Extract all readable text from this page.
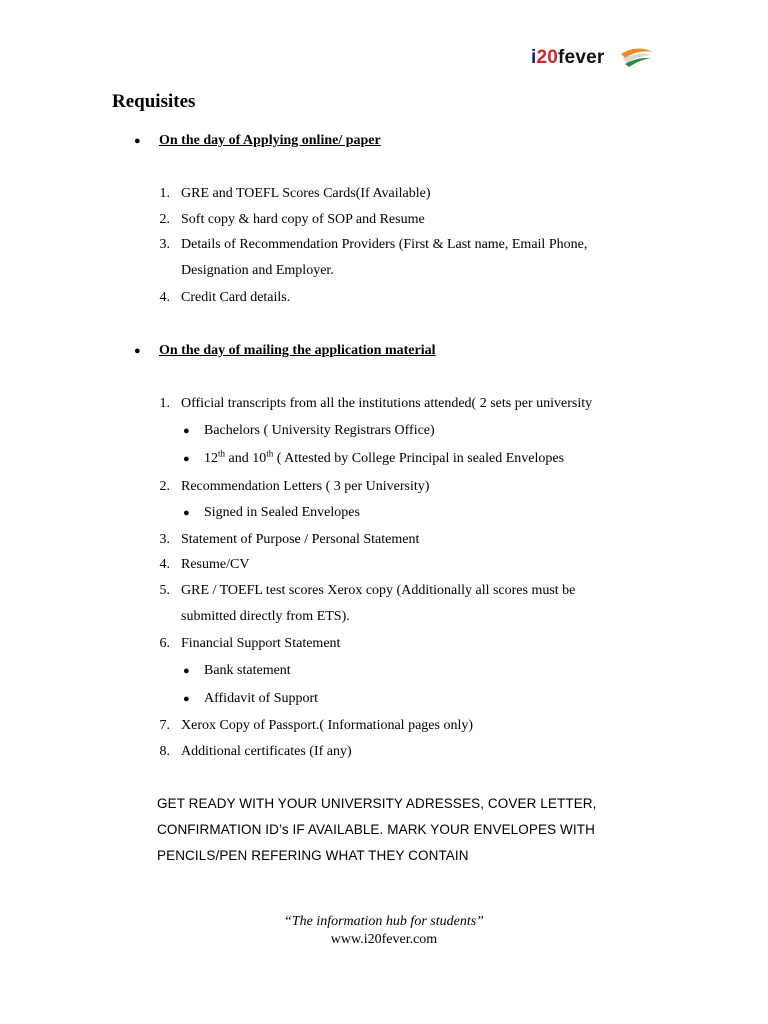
i20fever
Requisites
● On the day of Applying online/ paper
1. GRE and TOEFL Scores Cards(If Available)
2. Soft copy & hard copy of SOP and Resume
3. Details of Recommendation Providers (First & Last name, Email Phone,
Designation and Employer.
4. Credit Card details.
● On the day of mailing the application material
1. Official transcripts from all the institutions attended( 2 sets per university
● Bachelors ( University Registrars Office)
● 12th and 10th ( Attested by College Principal in sealed Envelopes
2. Recommendation Letters ( 3 per University)
● Signed in Sealed Envelopes
3. Statement of Purpose / Personal Statement
4. Resume/CV
5. GRE / TOEFL test scores Xerox copy (Additionally all scores must be
submitted directly from ETS).
6. Financial Support Statement
● Bank statement
● Affidavit of Support
7. Xerox Copy of Passport.( Informational pages only)
8. Additional certificates (If any)
GET READY WITH YOUR UNIVERSITY ADRESSES, COVER LETTER,
CONFIRMATION ID’s IF AVAILABLE. MARK YOUR ENVELOPES WITH
PENCILS/PEN REFERING WHAT THEY CONTAIN
“The information hub for students”
www.i20fever.com
